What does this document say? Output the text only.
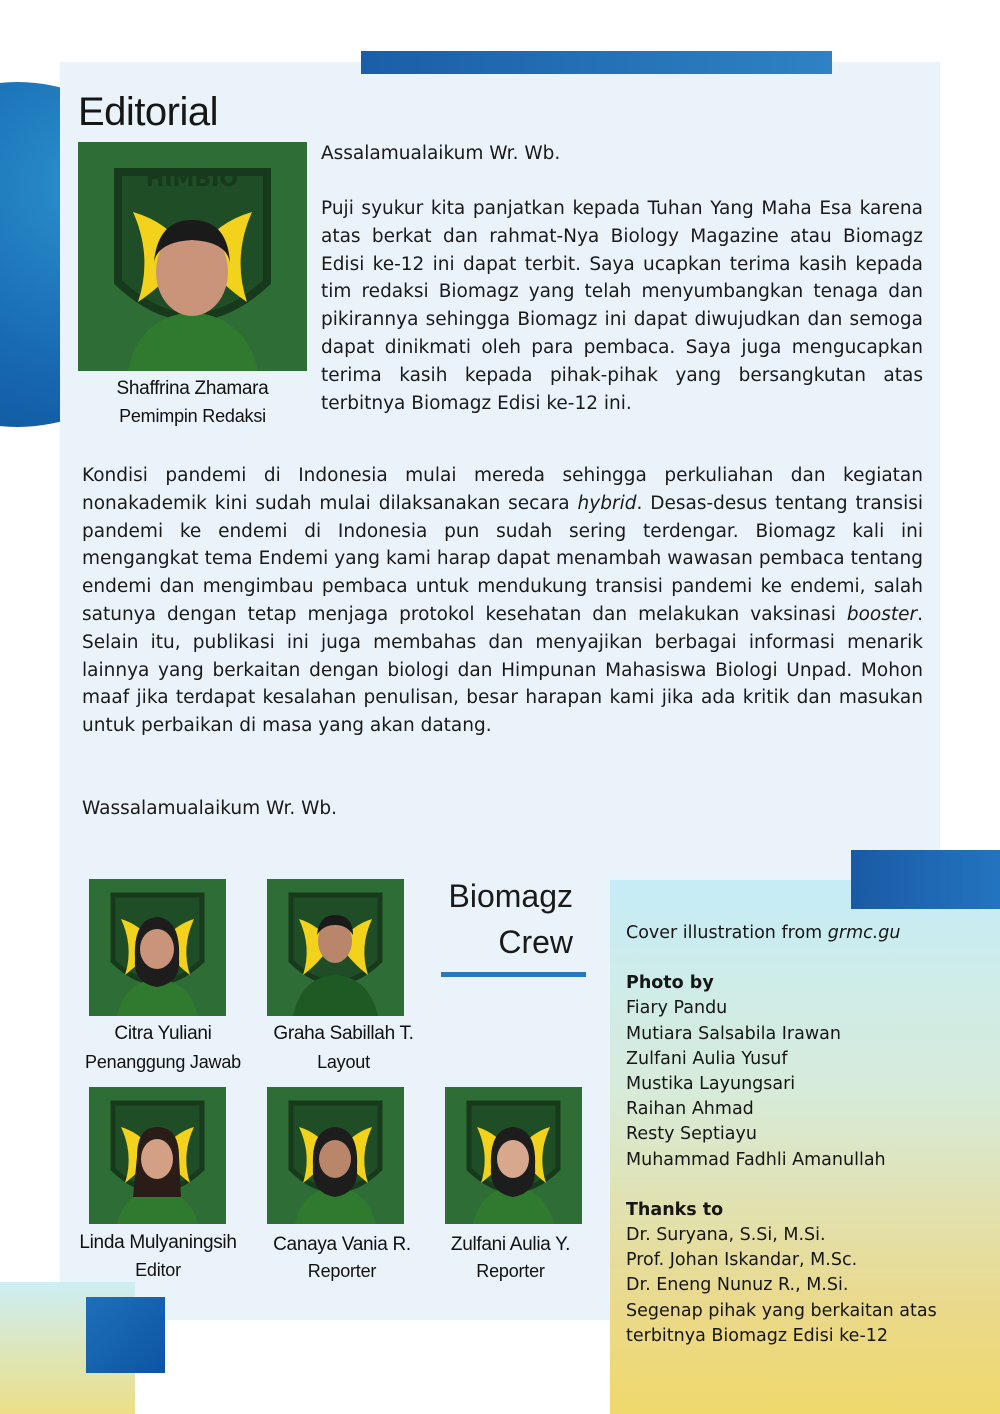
Editorial
HIMBIO
Shaffrina Zhamara
Pemimpin Redaksi

Assalamualaikum Wr. Wb.

Puji syukur kita panjatkan kepada Tuhan Yang Maha Esa karena atas berkat dan rahmat-Nya Biology Magazine atau Biomagz Edisi ke-12 ini dapat terbit. Saya ucapkan terima kasih kepada tim redaksi Biomagz yang telah menyumbangkan tenaga dan pikirannya sehingga Biomagz ini dapat diwujudkan dan semoga dapat dinikmati oleh para pembaca. Saya juga mengucapkan terima kasih kepada pihak-pihak yang bersangkutan atas terbitnya Biomagz Edisi ke-12 ini.

Kondisi pandemi di Indonesia mulai mereda sehingga perkuliahan dan kegiatan nonakademik kini sudah mulai dilaksanakan secara hybrid. Desas-desus tentang transisi pandemi ke endemi di Indonesia pun sudah sering terdengar. Biomagz kali ini mengangkat tema Endemi yang kami harap dapat menambah wawasan pembaca tentang endemi dan mengimbau pembaca untuk mendukung transisi pandemi ke endemi, salah satunya dengan tetap menjaga protokol kesehatan dan melakukan vaksinasi booster. Selain itu, publikasi ini juga membahas dan menyajikan berbagai informasi menarik lainnya yang berkaitan dengan biologi dan Himpunan Mahasiswa Biologi Unpad. Mohon maaf jika terdapat kesalahan penulisan, besar harapan kami jika ada kritik dan masukan untuk perbaikan di masa yang akan datang.

Wassalamualaikum Wr. Wb.

Biomagz
Crew
Citra Yuliani
Penanggung Jawab
Graha Sabillah T.
Layout
Linda Mulyaningsih
Editor
Canaya Vania R.
Reporter
Zulfani Aulia Y.
Reporter
Cover illustration from grmc.gu
Photo by
Fiary Pandu
Mutiara Salsabila Irawan
Zulfani Aulia Yusuf
Mustika Layungsari
Raihan Ahmad
Resty Septiayu
Muhammad Fadhli Amanullah
Thanks to
Dr. Suryana, S.Si, M.Si.
Prof. Johan Iskandar, M.Sc.
Dr. Eneng Nunuz R., M.Si.
Segenap pihak yang berkaitan atas terbitnya Biomagz Edisi ke-12
